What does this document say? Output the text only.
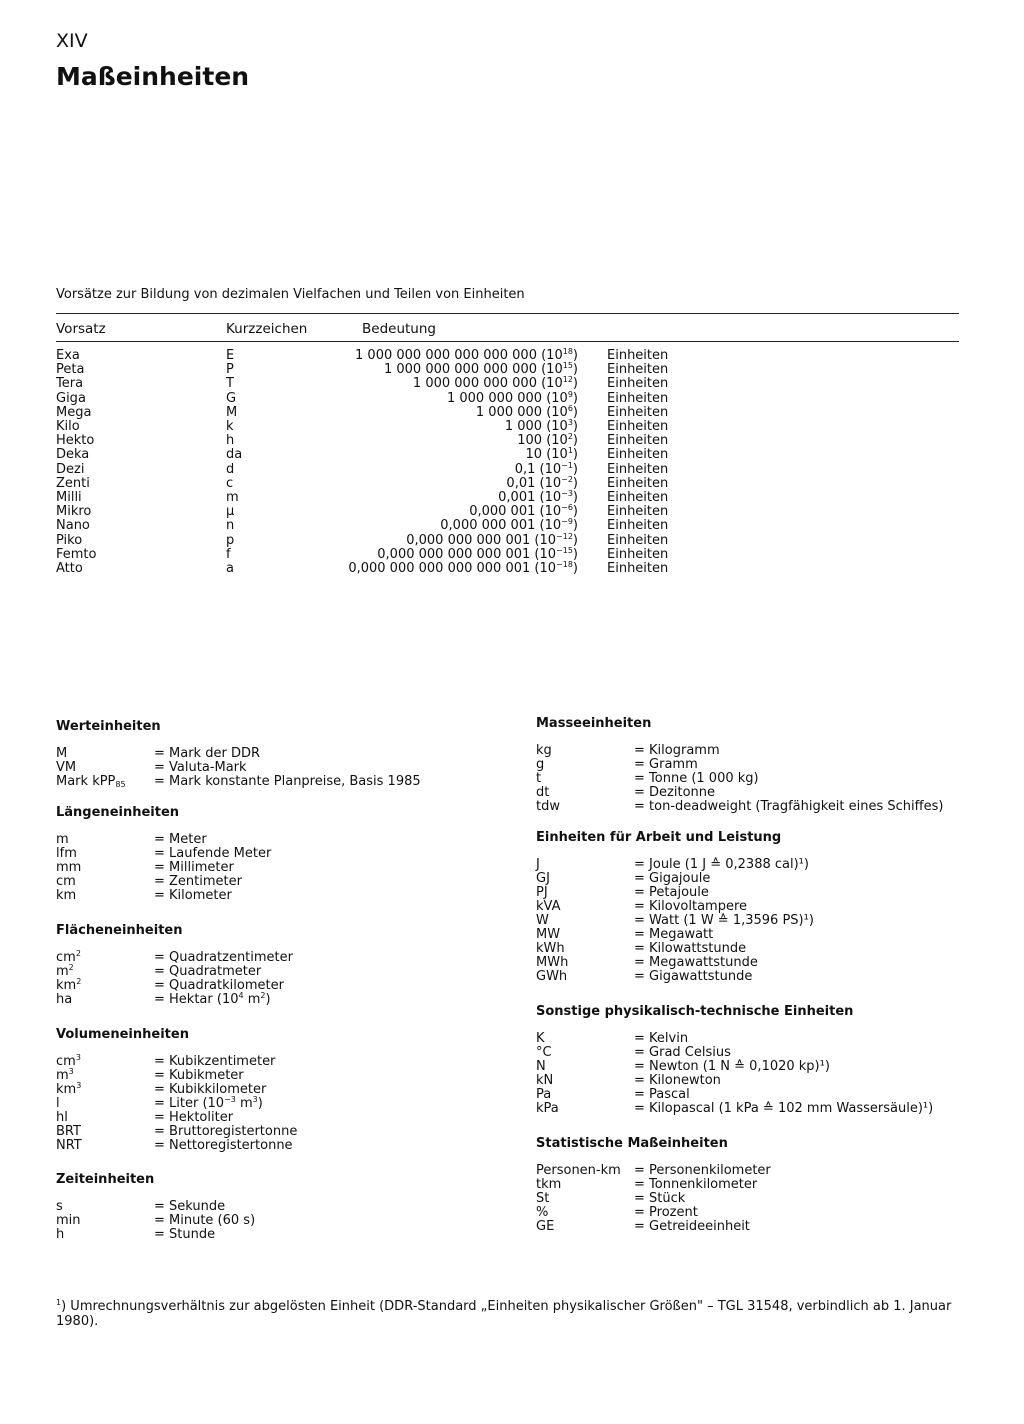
XIV
Maßeinheiten
Vorsätze zur Bildung von dezimalen Vielfachen und Teilen von Einheiten
Vorsatz	Kurzzeichen	Bedeutung
Exa	E	1 000 000 000 000 000 000 $(10^{18})$ Einheiten
Peta	P	1 000 000 000 000 000 $(10^{15})$ Einheiten
Tera	T	1 000 000 000 000 $(10^{12})$ Einheiten
Giga	G	1 000 000 000 $(10^9)$ Einheiten
Mega	M	1 000 000 $(10^6)$ Einheiten
Kilo	k	1 000 $(10^3)$ Einheiten
Hekto	h	100 $(10^2)$ Einheiten
Deka	da	10 $(10^1)$ Einheiten
Dezi	d	0,1 $(10^{-1})$ Einheiten
Zenti	c	0,01 $(10^{-2})$ Einheiten
Milli	m	0,001 $(10^{-3})$ Einheiten
Mikro	μ	0,000 001 $(10^{-6})$ Einheiten
Nano	n	0,000 000 001 $(10^{-9})$ Einheiten
Piko	p	0,000 000 000 001 $(10^{-12})$ Einheiten
Femto	f	0,000 000 000 000 001 $(10^{-15})$ Einheiten
Atto	a	0,000 000 000 000 000 001 $(10^{-18})$ Einheiten
Werteinheiten
M	= Mark der DDR
VM	= Valuta-Mark
Mark kPP$_{85}$ = Mark konstante Planpreise, Basis 1985
Längeneinheiten
m	= Meter
lfm	= Laufende Meter
mm	= Millimeter
cm	= Zentimeter
km	= Kilometer
Flächeneinheiten
$cm^2$	= Quadratzentimeter
$m^2$	= Quadratmeter
$km^2$	= Quadratkilometer
ha	= Hektar ($10^4$ $m^2$)
Volumeneinheiten
$cm^3$	= Kubikzentimeter
$m^3$	= Kubikmeter
$km^3$	= Kubikkilometer
l	= Liter ($10^{-3}$ $m^3$)
hl	= Hektoliter
BRT	= Bruttoregistertonne
NRT	= Nettoregistertonne
Zeiteinheiten
s	= Sekunde
min	= Minute (60 s)
h	= Stunde
Masseeinheiten
kg	= Kilogramm
g	= Gramm
t	= Tonne (1 000 kg)
dt	= Dezitonne
tdw	= ton-deadweight (Tragfähigkeit eines Schiffes)
Einheiten für Arbeit und Leistung
J	= Joule (1 J ≙ 0,2388 cal)¹)
GJ	= Gigajoule
PJ	= Petajoule
kVA	= Kilovoltampere
W	= Watt (1 W ≙ 1,3596 PS)¹)
MW	= Megawatt
kWh	= Kilowattstunde
MWh	= Megawattstunde
GWh	= Gigawattstunde
Sonstige physikalisch-technische Einheiten
K	= Kelvin
°C	= Grad Celsius
N	= Newton (1 N ≙ 0,1020 kp)¹)
kN	= Kilonewton
Pa	= Pascal
kPa	= Kilopascal (1 kPa ≙ 102 mm Wassersäule)¹)
Statistische Maßeinheiten
Personen-km = Personenkilometer
tkm	= Tonnenkilometer
St	= Stück
%	= Prozent
GE	= Getreideeinheit
$^1$) Umrechnungsverhältnis zur abgelösten Einheit (DDR-Standard „Einheiten physikalischer Größen" – TGL 31548, verbindlich ab 1. Januar 1980).
